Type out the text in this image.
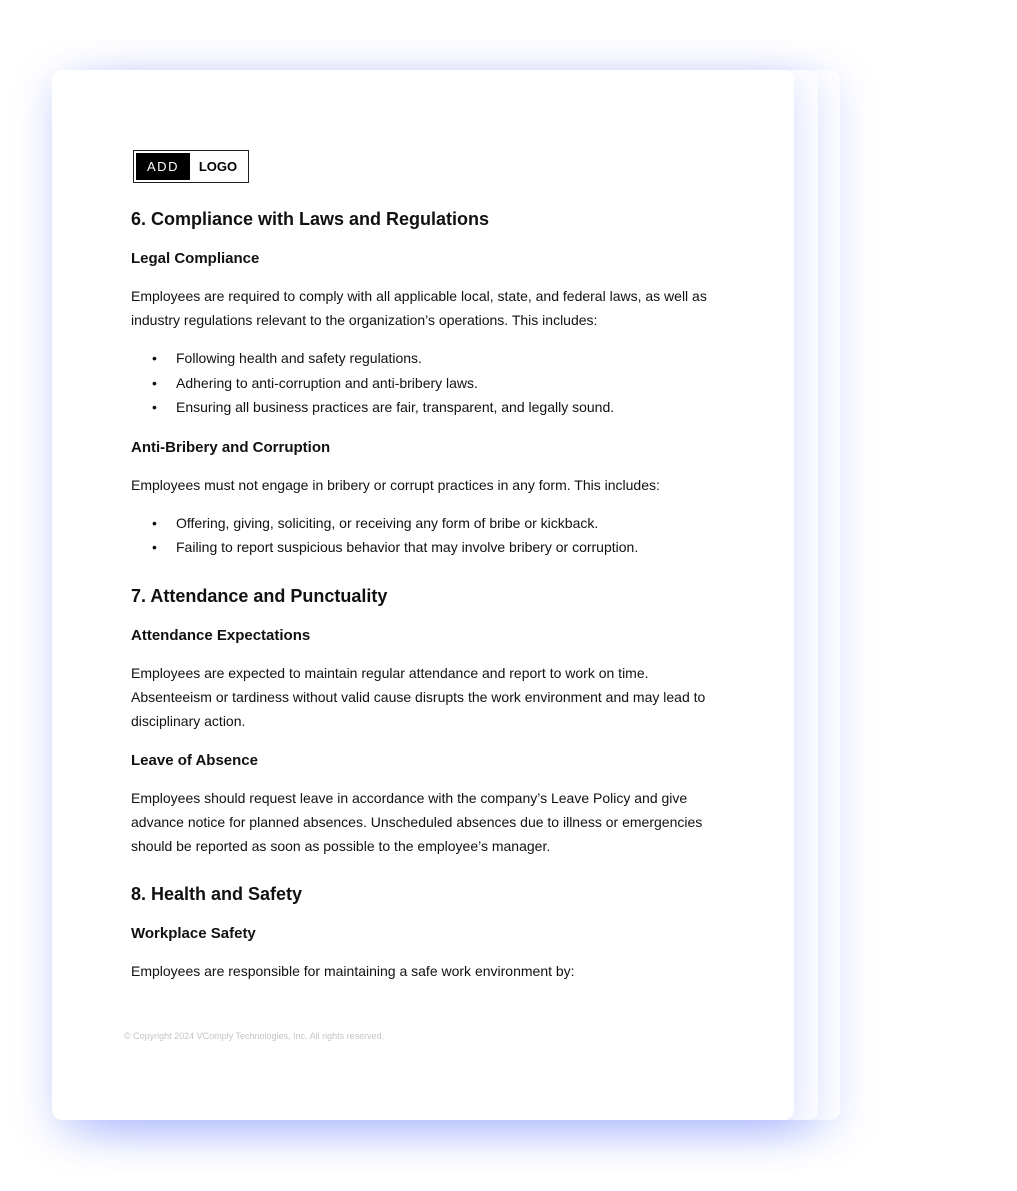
ADD	LOGO
6. Compliance with Laws and Regulations
Legal Compliance

Employees are required to comply with all applicable local, state, and federal laws, as well as industry regulations relevant to the organization’s operations. This includes:

• Following health and safety regulations.
• Adhering to anti-corruption and anti-bribery laws.
• Ensuring all business practices are fair, transparent, and legally sound.
Anti-Bribery and Corruption

Employees must not engage in bribery or corrupt practices in any form. This includes:

• Offering, giving, soliciting, or receiving any form of bribe or kickback.
• Failing to report suspicious behavior that may involve bribery or corruption.
7. Attendance and Punctuality
Attendance Expectations

Employees are expected to maintain regular attendance and report to work on time. Absenteeism or tardiness without valid cause disrupts the work environment and may lead to disciplinary action.

Leave of Absence

Employees should request leave in accordance with the company’s Leave Policy and give advance notice for planned absences. Unscheduled absences due to illness or emergencies should be reported as soon as possible to the employee’s manager.

8. Health and Safety
Workplace Safety

Employees are responsible for maintaining a safe work environment by:

© Copyright 2024 VComply Technologies, Inc. All rights reserved.
